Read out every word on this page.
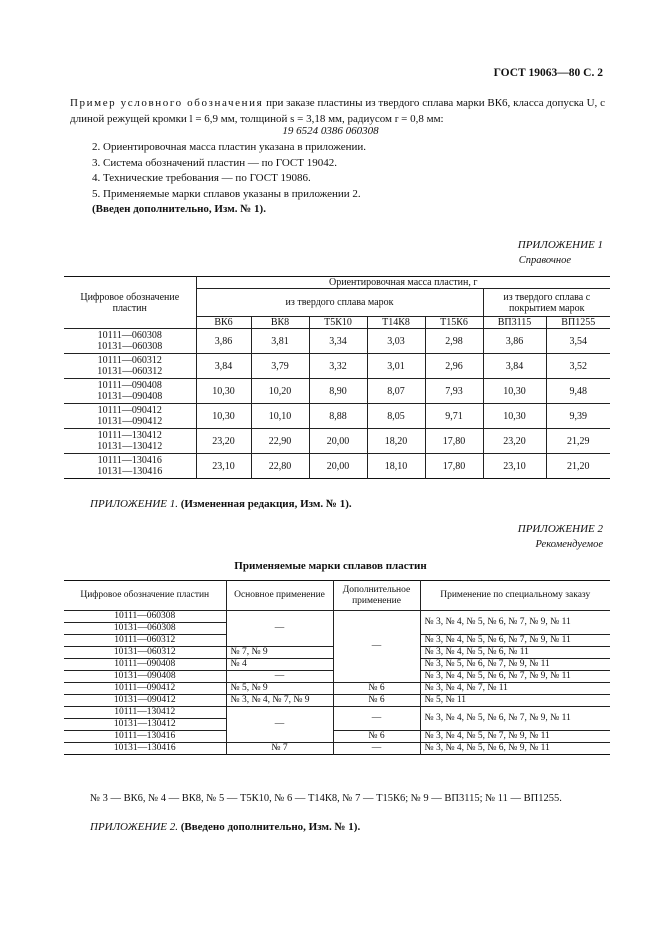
ГОСТ 19063—80 С. 2

Пример условного обозначения при заказе пластины из твердого сплава марки ВК6, класса допуска U, с длиной режущей кромки l = 6,9 мм, толщиной s = 3,18 мм, радиусом r = 0,8 мм:

19 6524 0386 060308
2. Ориентировочная масса пластин указана в приложении.
3. Система обозначений пластин — по ГОСТ 19042.
4. Технические требования — по ГОСТ 19086.
5. Применяемые марки сплавов указаны в приложении 2.
(Введен дополнительно, Изм. № 1).
ПРИЛОЖЕНИЕ 1
Справочное
Цифровое обозначение пластин	Ориентировочная масса пластин, г						
	из твердого сплава марок					из твердого сплава с покрытием марок	
	ВК6	ВК8	Т5К10	Т14К8	Т15К6	ВП3115	ВП1255

10111—060308
10131—060308	3,86	3,81	3,34	3,03	2,98	3,86	3,54

10111—060312
10131—060312	3,84	3,79	3,32	3,01	2,96	3,84	3,52

10111—090408
10131—090408	10,30	10,20	8,90	8,07	7,93	10,30	9,48

10111—090412
10131—090412	10,30	10,10	8,88	8,05	9,71	10,30	9,39

10111—130412
10131—130412	23,20	22,90	20,00	18,20	17,80	23,20	21,29

10111—130416
10131—130416	23,10	22,80	20,00	18,10	17,80	23,10	21,20
ПРИЛОЖЕНИЕ 1. (Измененная редакция, Изм. № 1).
ПРИЛОЖЕНИЕ 2
Рекомендуемое
Применяемые марки сплавов пластин
Цифровое обозначение пластин	Основное применение	Дополнительное применение	Применение по специальному заказу
10111—060308	—	—	№ 3, № 4, № 5, № 6, № 7, № 9, № 11
10131—060308			
10111—060312			№ 3, № 4, № 5, № 6, № 7, № 9, № 11
10131—060312	№ 7, № 9		№ 3, № 4, № 5, № 6, № 11
10111—090408	№ 4		№ 3, № 5, № 6, № 7, № 9, № 11
10131—090408	—		№ 3, № 4, № 5, № 6, № 7, № 9, № 11
10111—090412	№ 5, № 9	№ 6	№ 3, № 4, № 7, № 11
10131—090412	№ 3, № 4, № 7, № 9	№ 6	№ 5, № 11
10111—130412	—	—	№ 3, № 4, № 5, № 6, № 7, № 9, № 11
10131—130412			
10111—130416		№ 6	№ 3, № 4, № 5, № 7, № 9, № 11
10131—130416	№ 7	—	№ 3, № 4, № 5, № 6, № 9, № 11
№ 3 — ВК6, № 4 — ВК8, № 5 — Т5К10, № 6 — Т14К8, № 7 — Т15К6; № 9 — ВП3115; № 11 — ВП1255.
ПРИЛОЖЕНИЕ 2. (Введено дополнительно, Изм. № 1).
